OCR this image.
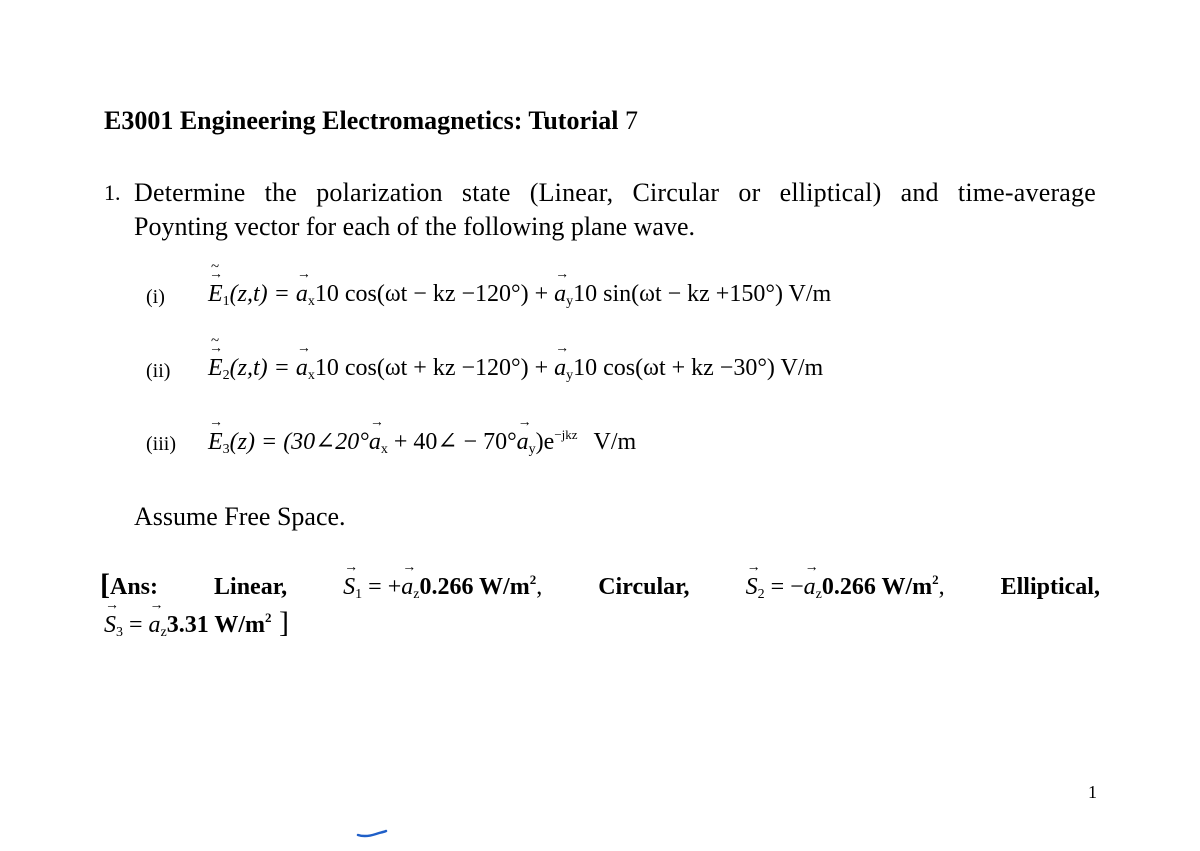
E3001 Engineering Electromagnetics: Tutorial 7
1. Determine the polarization state (Linear, Circular or elliptical) and time-average
Poynting vector for each of the following plane wave.
(i)
→ E $\sim_1(z,t)$ = → $a_x10$ cos(ωt − kz −120°) + → $a_y10$ sin(ωt − kz +150°) V/m
(ii)
→ E $\sim_2(z,t)$ = → $a_x10$ cos(ωt + kz −120°) + → $a_y10$ cos(ωt + kz −30°) V/m
(iii)
→ $E_3(z)$ = (30∠20°→ $a_x$ + 40∠ − $70^\circ\to a_y)e^{-jkz}$ V/m
Assume Free Space.
[Ans: Linear,
→ $S_1$ = +→ $a_z0.266$ $W/m^2$, Circular,
→ $S_2$ = −→ $a_z0.266$ $W/m^2$, Elliptical,
→ $S_3$ = → $a_z3.31$ $W/m^2$ ]
1
